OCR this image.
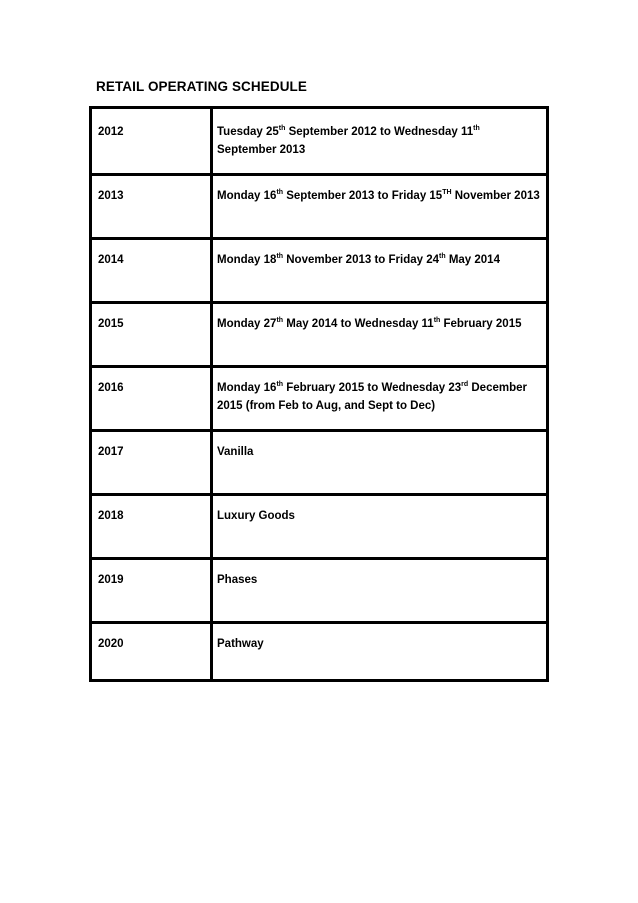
RETAIL OPERATING SCHEDULE
2012	Tuesday 25th September 2012 to Wednesday 11th September 2013
2013	Monday 16th September 2013 to Friday 15TH November 2013
2014	Monday 18th November 2013 to Friday 24th May 2014
2015	Monday 27th May 2014 to Wednesday 11th February 2015
2016	Monday 16th February 2015 to Wednesday 23rd December 2015 (from Feb to Aug, and Sept to Dec)
2017	Vanilla
2018	Luxury Goods
2019	Phases
2020	Pathway
